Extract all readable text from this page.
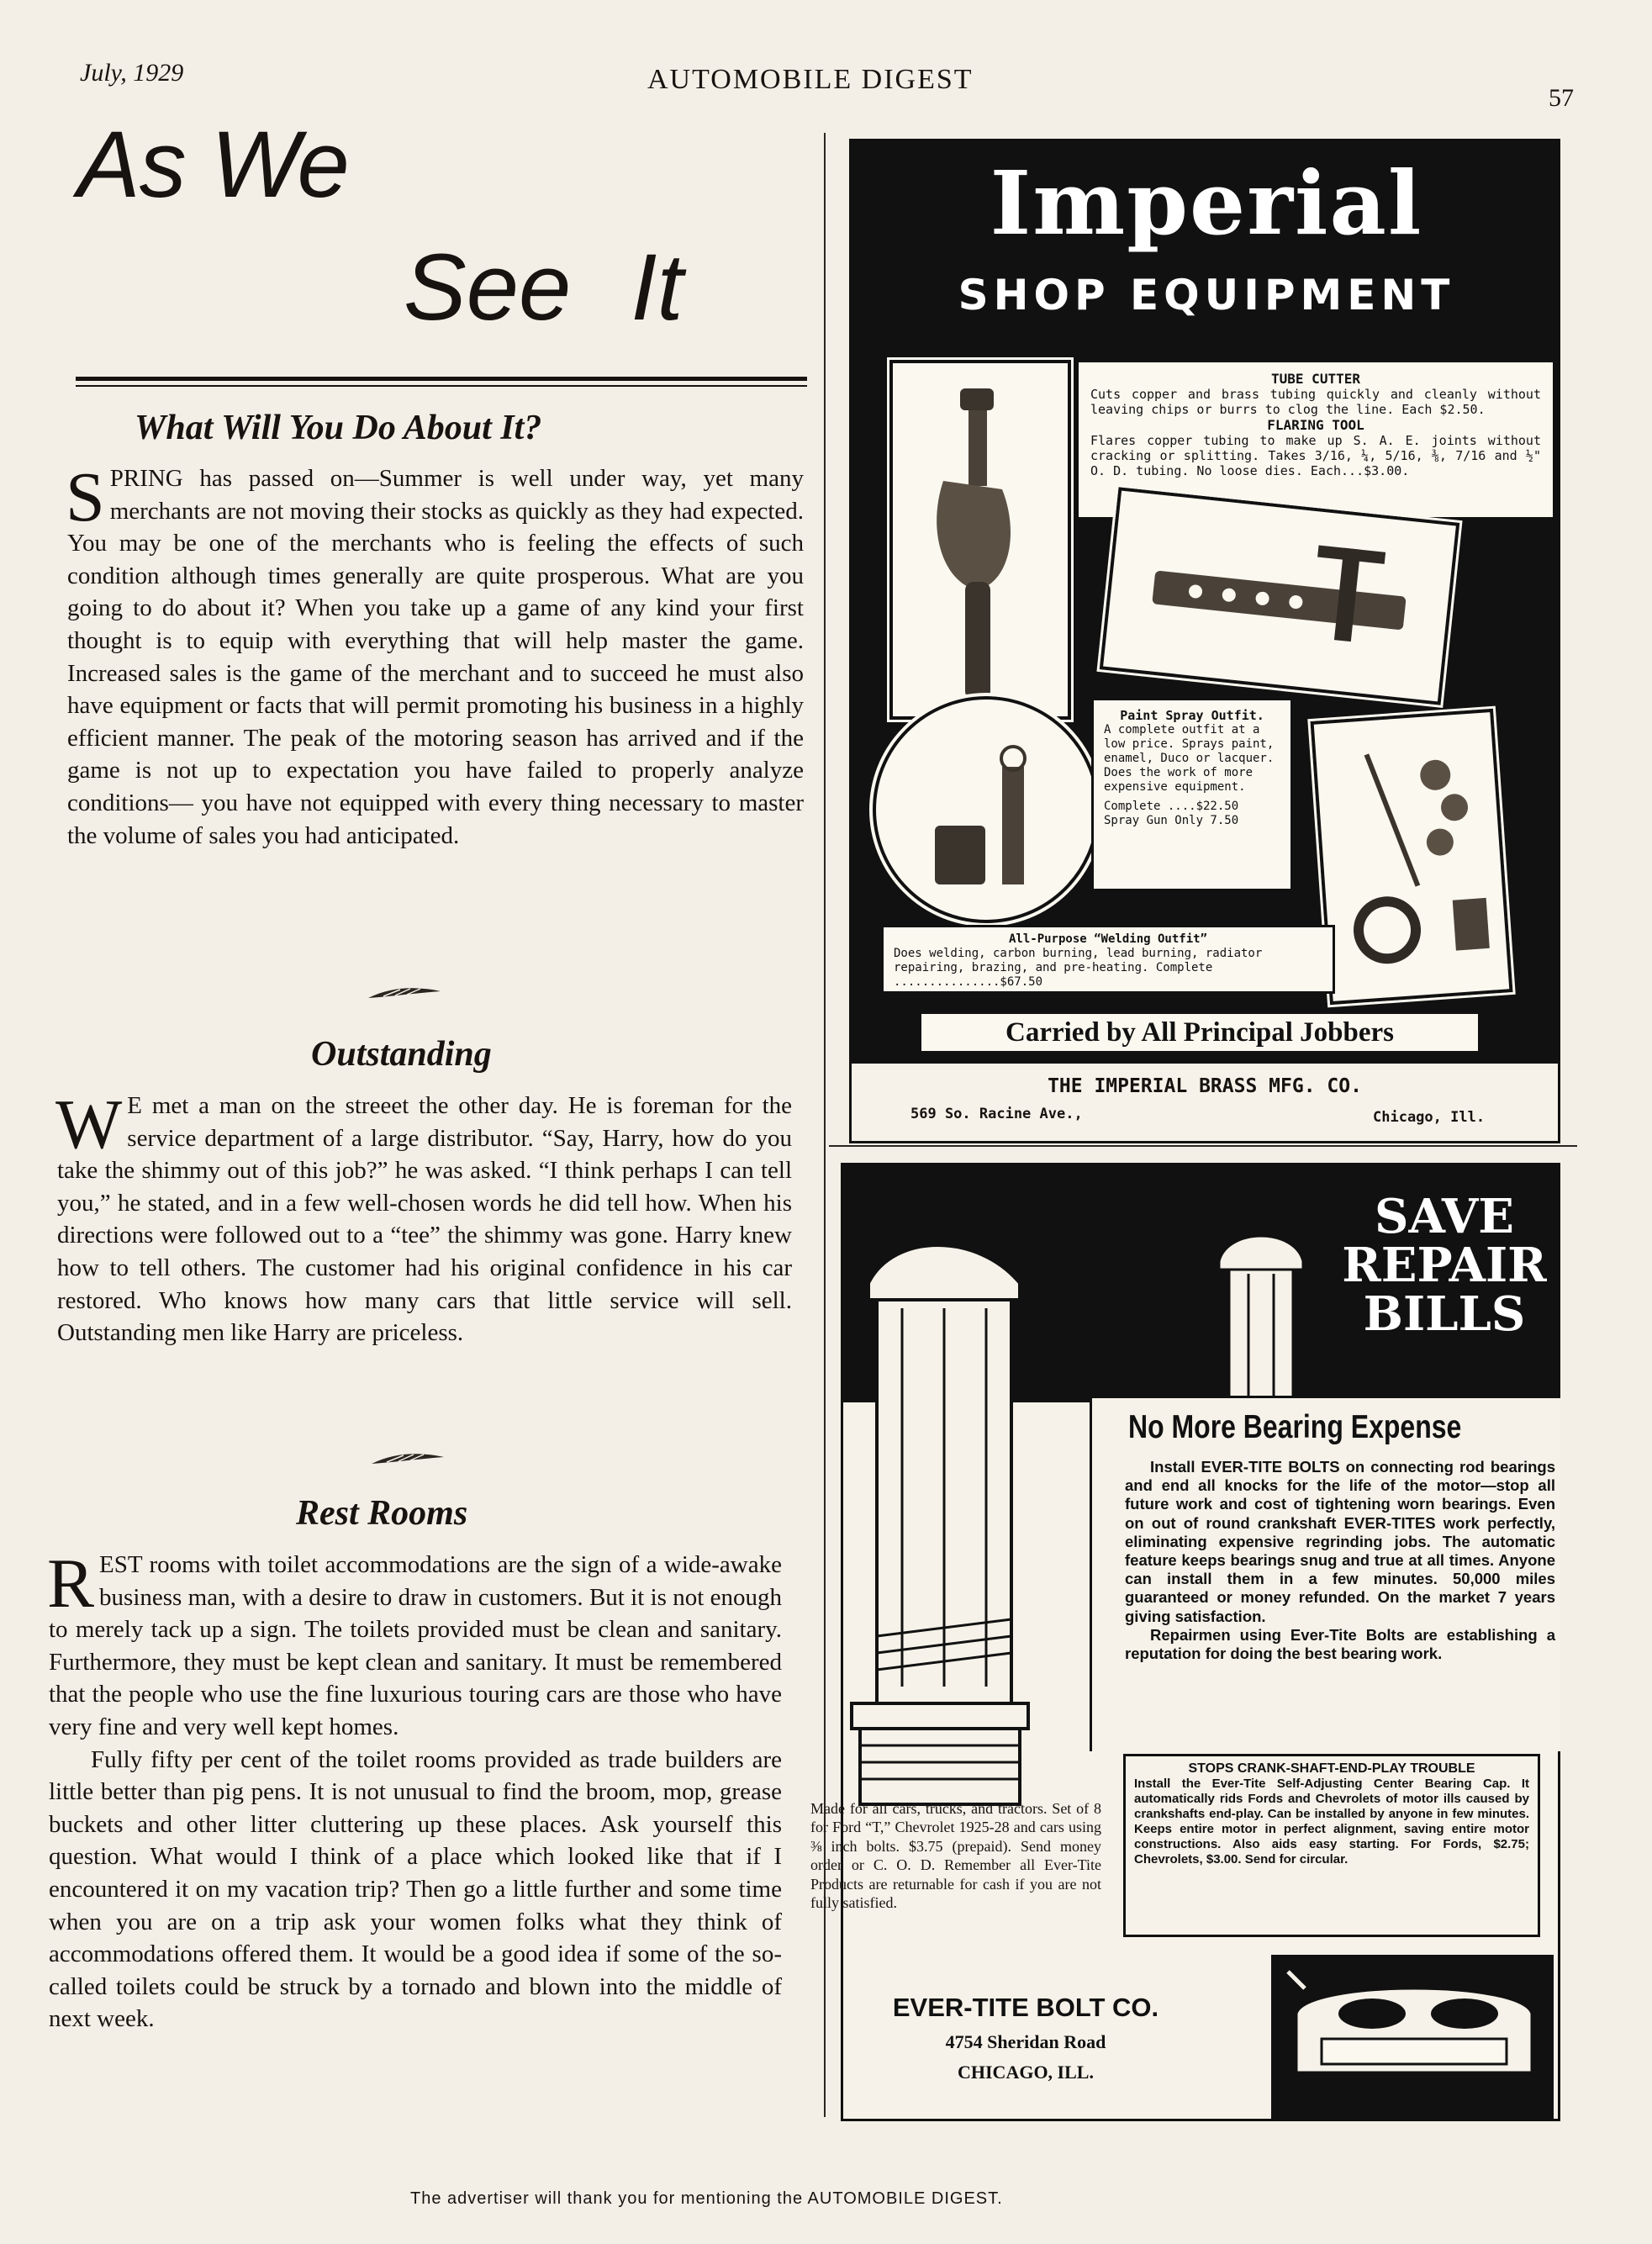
July, 1929	AUTOMOBILE DIGEST
57
As We
See It
What Will You Do About It?
SPRING has passed on—Summer is well under way, yet many merchants are not moving their stocks as quickly as they had expected. You may be one of the merchants who is feeling the effects of such condition although times generally are quite prosperous. What are you going to do about it? When you take up a game of any kind your first thought is to equip with everything that will help master the game. Increased sales is the game of the merchant and to succeed he must also have equipment or facts that will permit promoting his business in a highly efficient manner. The peak of the motoring season has arrived and if the game is not up to expectation you have failed to properly analyze conditions— you have not equipped with every thing necessary to master the volume of sales you had anticipated.
Outstanding
W E met a man on the streeet the other day. He is foreman for the service department of a large distributor. “Say, Harry, how do you take the shimmy out of this job?” he was asked. “I think perhaps I can tell you,” he stated, and in a few well-chosen words he did tell how. When his directions were followed out to a “tee” the shimmy was gone. Harry knew how to tell others. The customer had his original confidence in his car restored. Who knows how many cars that little service will sell. Outstanding men like Harry are priceless.
Rest Rooms
REST rooms with toilet accommodations are the sign of a wide-awake business man, with a desire to draw in customers. But it is not enough to merely tack up a sign. The toilets provided must be clean and sanitary. Furthermore, they must be kept clean and sanitary. It must be remembered that the people who use the fine luxurious touring cars are those who have very fine and very well kept homes.
Fully fifty per cent of the toilet rooms provided as trade builders are little better than pig pens. It is not unusual to find the broom, mop, grease buckets and other litter cluttering up these places. Ask yourself this question. What would I think of a place which looked like that if I encountered it on my vacation trip? Then go a little further and some time when you are on a trip ask your women folks what they think of accommodations offered them. It would be a good idea if some of the so-called toilets could be struck by a tornado and blown into the middle of next week.
Imperial
SHOP EQUIPMENT
TUBE CUTTER
Cuts copper and brass tubing quickly and cleanly without leaving chips or burrs to clog the line. Each $2.50.
FLARING TOOL
Flares copper tubing to make up S. A. E. joints without cracking or splitting. Takes 3/16, ¼, 5/16, ⅜, 7/16 and ½" O. D. tubing. No loose dies. Each...$3.00.
Paint Spray Outfit.
A complete outfit at a low price. Sprays paint, enamel, Duco or lacquer. Does the work of more expensive equipment.
Complete ....$22.50
Spray Gun Only 7.50
All-Purpose “Welding Outfit”
Does welding, carbon burning, lead burning, radiator repairing, brazing, and pre-heating. Complete ...............$67.50
Carried by All Principal Jobbers
THE IMPERIAL BRASS MFG. CO.
569 So. Racine Ave.,	Chicago, Ill.
SAVE
REPAIR
BILLS
No More Bearing Expense
Install EVER-TITE BOLTS on connecting rod bearings and end all knocks for the life of the motor—stop all future work and cost of tightening worn bearings. Even on out of round crankshaft EVER-TITES work perfectly, eliminating expensive regrinding jobs. The automatic feature keeps bearings snug and true at all times. Anyone can install them in a few minutes. 50,000 miles guaranteed or money refunded. On the market 7 years giving satisfaction.
Repairmen using Ever-Tite Bolts are establishing a reputation for doing the best bearing work.
STOPS CRANK-SHAFT-END-PLAY TROUBLE
Install the Ever-Tite Self-Adjusting Center Bearing Cap. It automatically rids Fords and Chevrolets of motor ills caused by crankshafts end-play. Can be installed by anyone in few minutes. Keeps entire motor in perfect alignment, saving entire motor constructions. Also aids easy starting. For Fords, $2.75; Chevrolets, $3.00. Send for circular.
Made for all cars, trucks, and tractors. Set of 8 for Ford “T,” Chevrolet 1925-28 and cars using ⅜ inch bolts. $3.75 (prepaid). Send money order or C. O. D. Remember all Ever-Tite Products are returnable for cash if you are not fully satisfied.
EVER-TITE BOLT CO.
4754 Sheridan Road
CHICAGO, ILL.
The advertiser will thank you for mentioning the AUTOMOBILE DIGEST.
